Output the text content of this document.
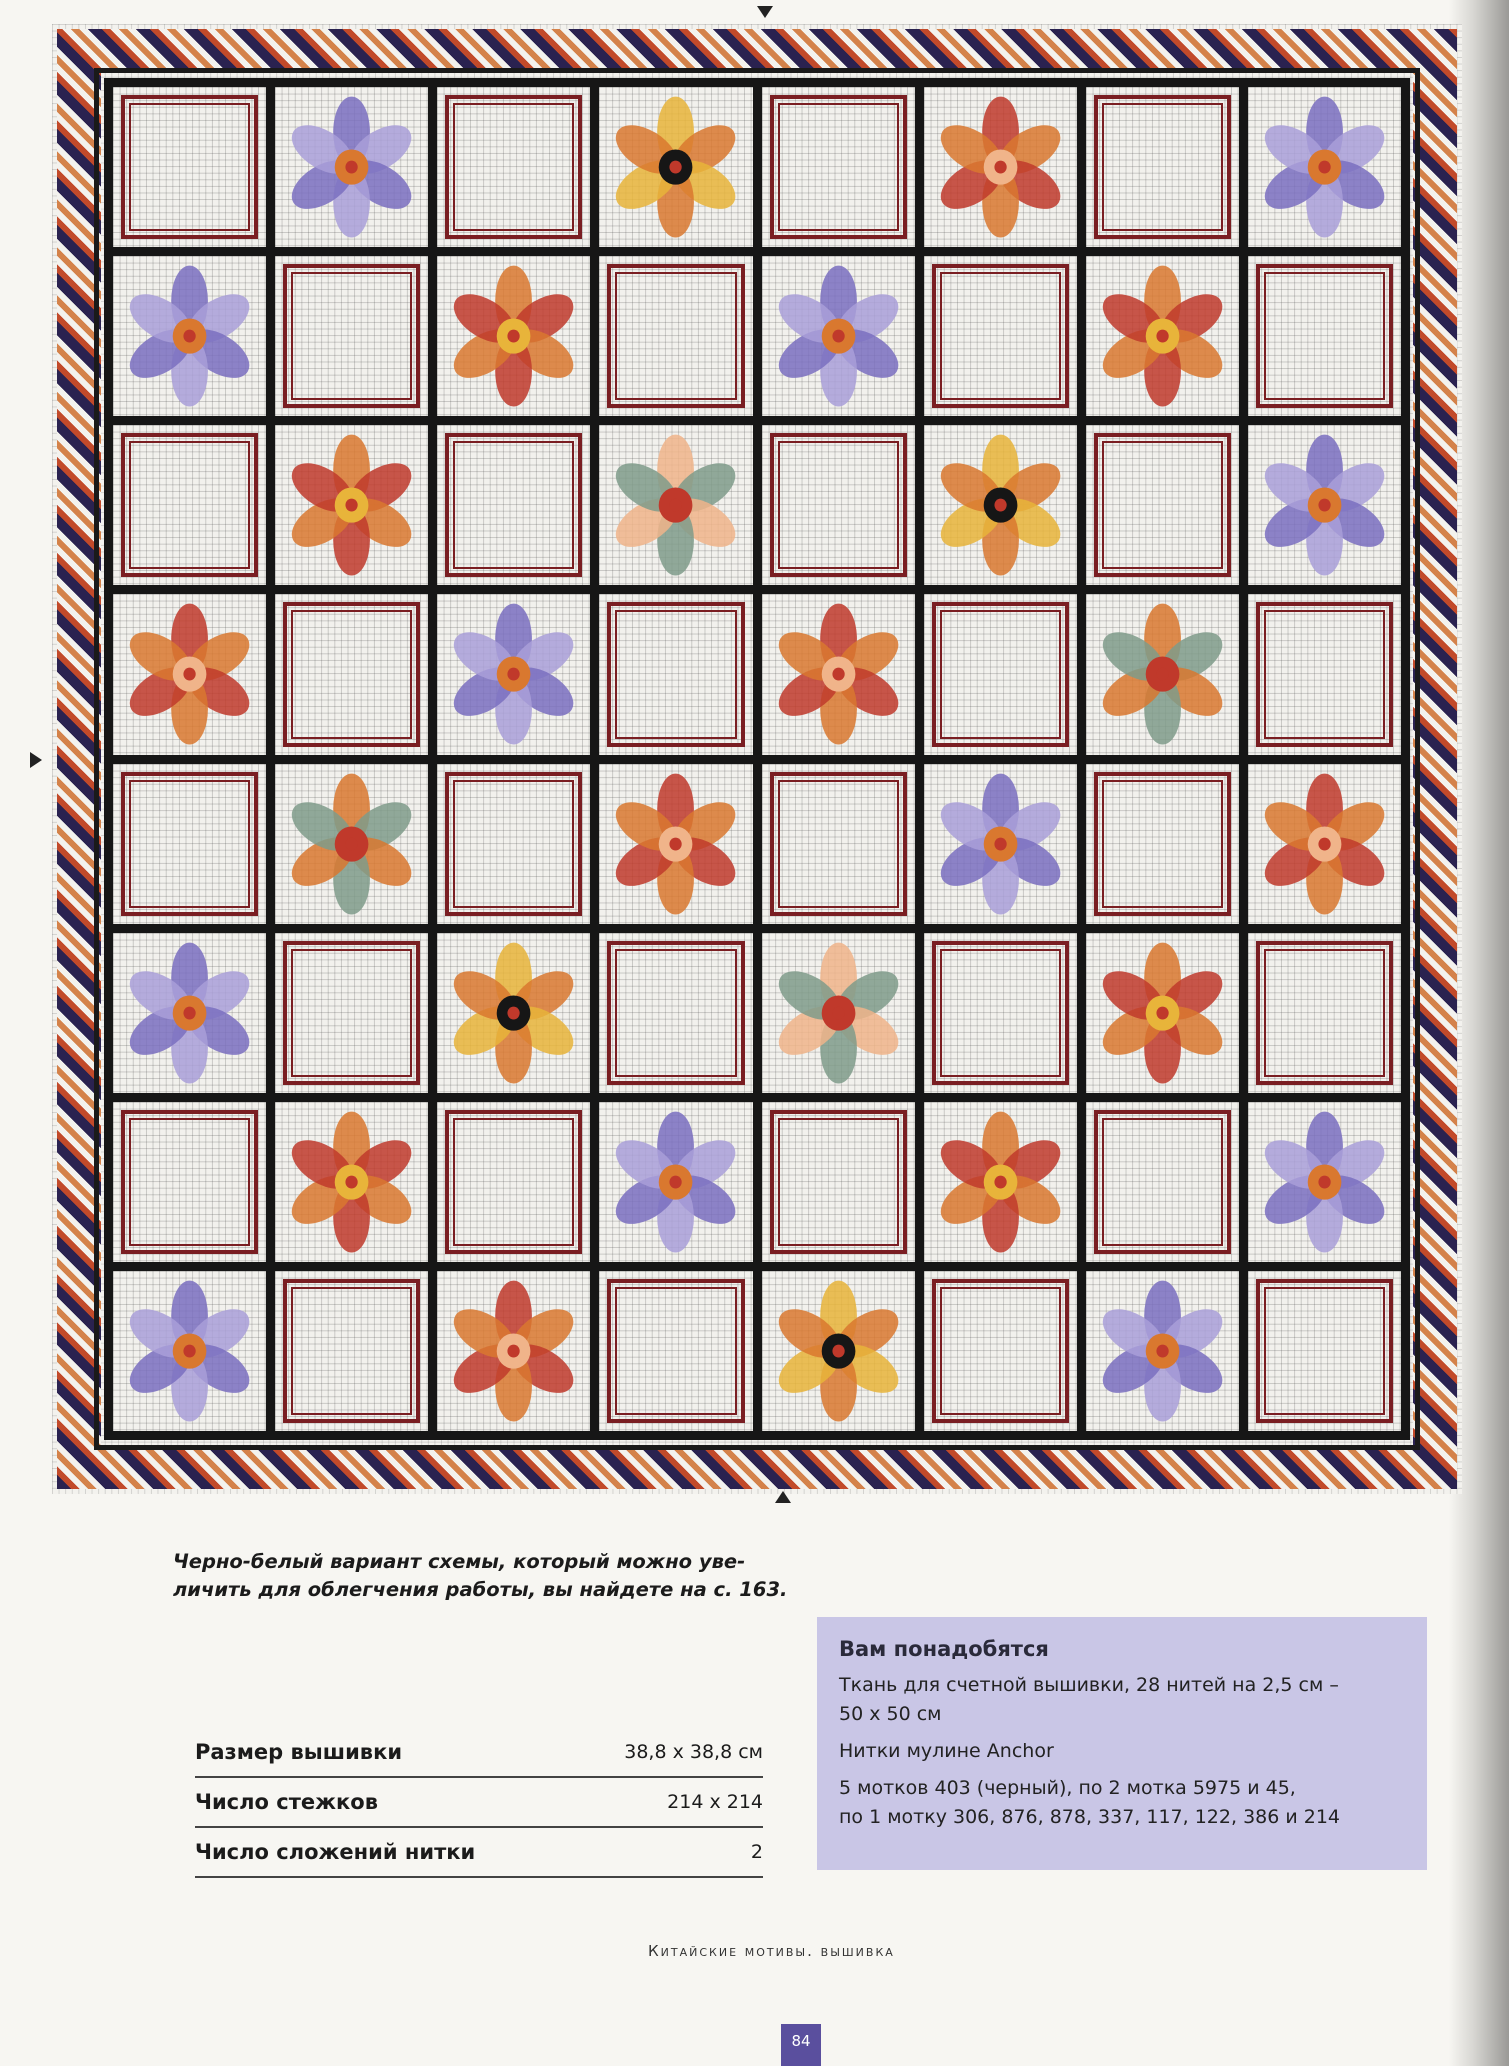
Черно-белый вариант схемы, который можно уве-
личить для облегчения работы, вы найдете на с. 163.
Размер вышивки	38,8 x 38,8 см
Число стежков	214 x 214
Число сложений нитки	2
Вам понадобятся
Ткань для счетной вышивки, 28 нитей на 2,5 см –
50 x 50 см
Нитки мулине Anchor
5 мотков 403 (черный), по 2 мотка 5975 и 45,
по 1 мотку 306, 876, 878, 337, 117, 122, 386 и 214
Китайские мотивы. вышивка
84
